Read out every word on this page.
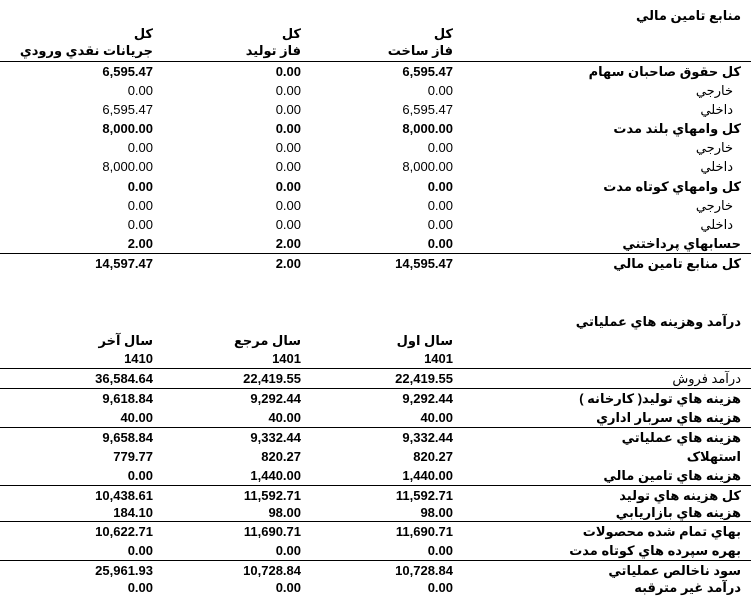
منابع تامین مالي
کل
جريانات نقدي ورودي
کل
فاز توليد
کل
فاز ساخت
کل حقوق صاحبان سهام
6,595.47	0.00	6,595.47
خارجي
0.00	0.00	0.00
داخلي
6,595.47	0.00	6,595.47
کل وامهاي بلند مدت
8,000.00	0.00	8,000.00
خارجي
0.00	0.00	0.00
داخلي
8,000.00	0.00	8,000.00
کل وامهاي کوتاه مدت
0.00	0.00	0.00
خارجي
0.00	0.00	0.00
داخلي
0.00	0.00	0.00
حسابهاي پرداختني
2.00	2.00	0.00
کل منابع تامين مالي
14,597.47	2.00	14,595.47
درآمد وهزينه هاي عملياتي
سال آخر
1410
سال مرجع
1401
سال اول
1401
درآمد فروش
36,584.64	22,419.55	22,419.55
هزينه هاي توليد( کارخانه )
9,618.84	9,292.44	9,292.44
هزينه هاي سربار اداري
40.00	40.00	40.00
هزينه هاي عملياتي
9,658.84	9,332.44	9,332.44
استهلاک
779.77	820.27	820.27
هزينه هاي تامين مالي
0.00	1,440.00	1,440.00
کل هزينه هاي توليد
10,438.61	11,592.71	11,592.71
هزينه هاي بازاريابي
184.10	98.00	98.00
بهاي تمام شده محصولات
10,622.71	11,690.71	11,690.71
بهره سپرده هاي کوتاه مدت
0.00	0.00	0.00
سود ناخالص عملياتي
25,961.93	10,728.84	10,728.84
درآمد غير مترقبه
0.00	0.00	0.00
